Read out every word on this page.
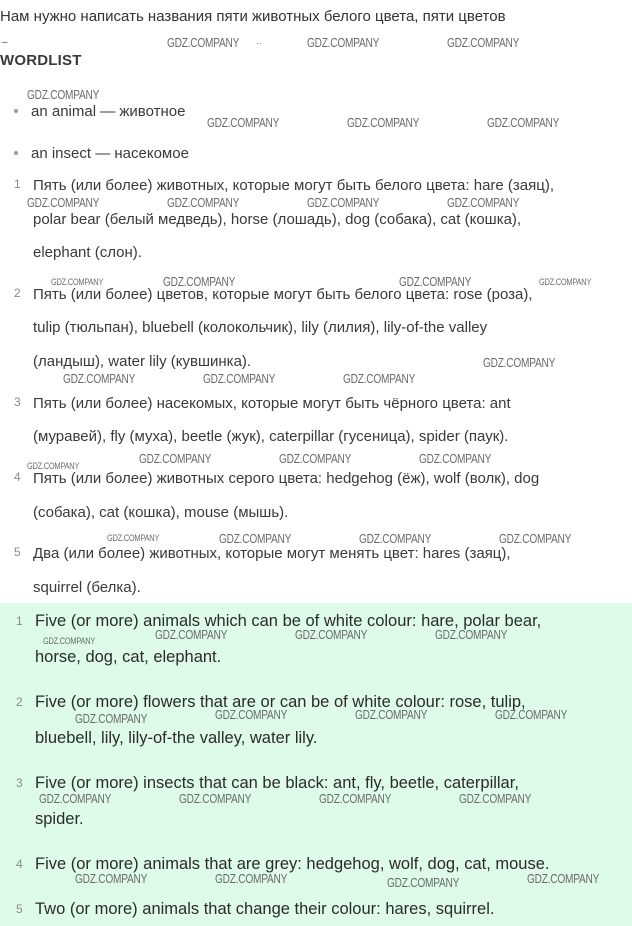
Нам нужно написать названия пяти животных белого цвета, пяти цветов
–	··
WORDLIST
an animal — животное
an insect — насекомое
1 Пять (или более) животных, которые могут быть белого цвета: hare (заяц),
polar bear (белый медведь), horse (лошадь), dog (собака), cat (кошка),
elephant (слон).
2 Пять (или более) цветов, которые могут быть белого цвета: rose (роза),
tulip (тюльпан), bluebell (колокольчик), lily (лилия), lily-of-the valley
(ландыш), water lily (кувшинка).
3 Пять (или более) насекомых, которые могут быть чёрного цвета: ant
(муравей), fly (муха), beetle (жук), caterpillar (гусеница), spider (паук).
4 Пять (или более) животных серого цвета: hedgehog (ёж), wolf (волк), dog
(собака), cat (кошка), mouse (мышь).
5 Два (или более) животных, которые могут менять цвет: hares (заяц),
squirrel (белка).
1 Five (or more) animals which can be of white colour: hare, polar bear,
horse, dog, cat, elephant.
2 Five (or more) flowers that are or can be of white colour: rose, tulip,
bluebell, lily, lily-of-the valley, water lily.
3 Five (or more) insects that can be black: ant, fly, beetle, caterpillar,
spider.
4 Five (or more) animals that are grey: hedgehog, wolf, dog, cat, mouse.
5 Two (or more) animals that change their colour: hares, squirrel.
GDZ.COMPANY	GDZ.COMPANY	GDZ.COMPANY
GDZ.COMPANY
GDZ.COMPANY	GDZ.COMPANY	GDZ.COMPANY
GDZ.COMPANY	GDZ.COMPANY	GDZ.COMPANY	GDZ.COMPANY
GDZ.COMPANY	GDZ.COMPANY	GDZ.COMPANY	GDZ.COMPANY
GDZ.COMPANY
GDZ.COMPANY	GDZ.COMPANY	GDZ.COMPANY
GDZ.COMPANY
GDZ.COMPANY	GDZ.COMPANY	GDZ.COMPANY
GDZ.COMPANY	GDZ.COMPANY	GDZ.COMPANY	GDZ.COMPANY
GDZ.COMPANY	GDZ.COMPANY	GDZ.COMPANY	GDZ.COMPANY
GDZ.COMPANY	GDZ.COMPANY	GDZ.COMPANY	GDZ.COMPANY
GDZ.COMPANY	GDZ.COMPANY	GDZ.COMPANY	GDZ.COMPANY
GDZ.COMPANY	GDZ.COMPANY	GDZ.COMPANY	GDZ.COMPANY
